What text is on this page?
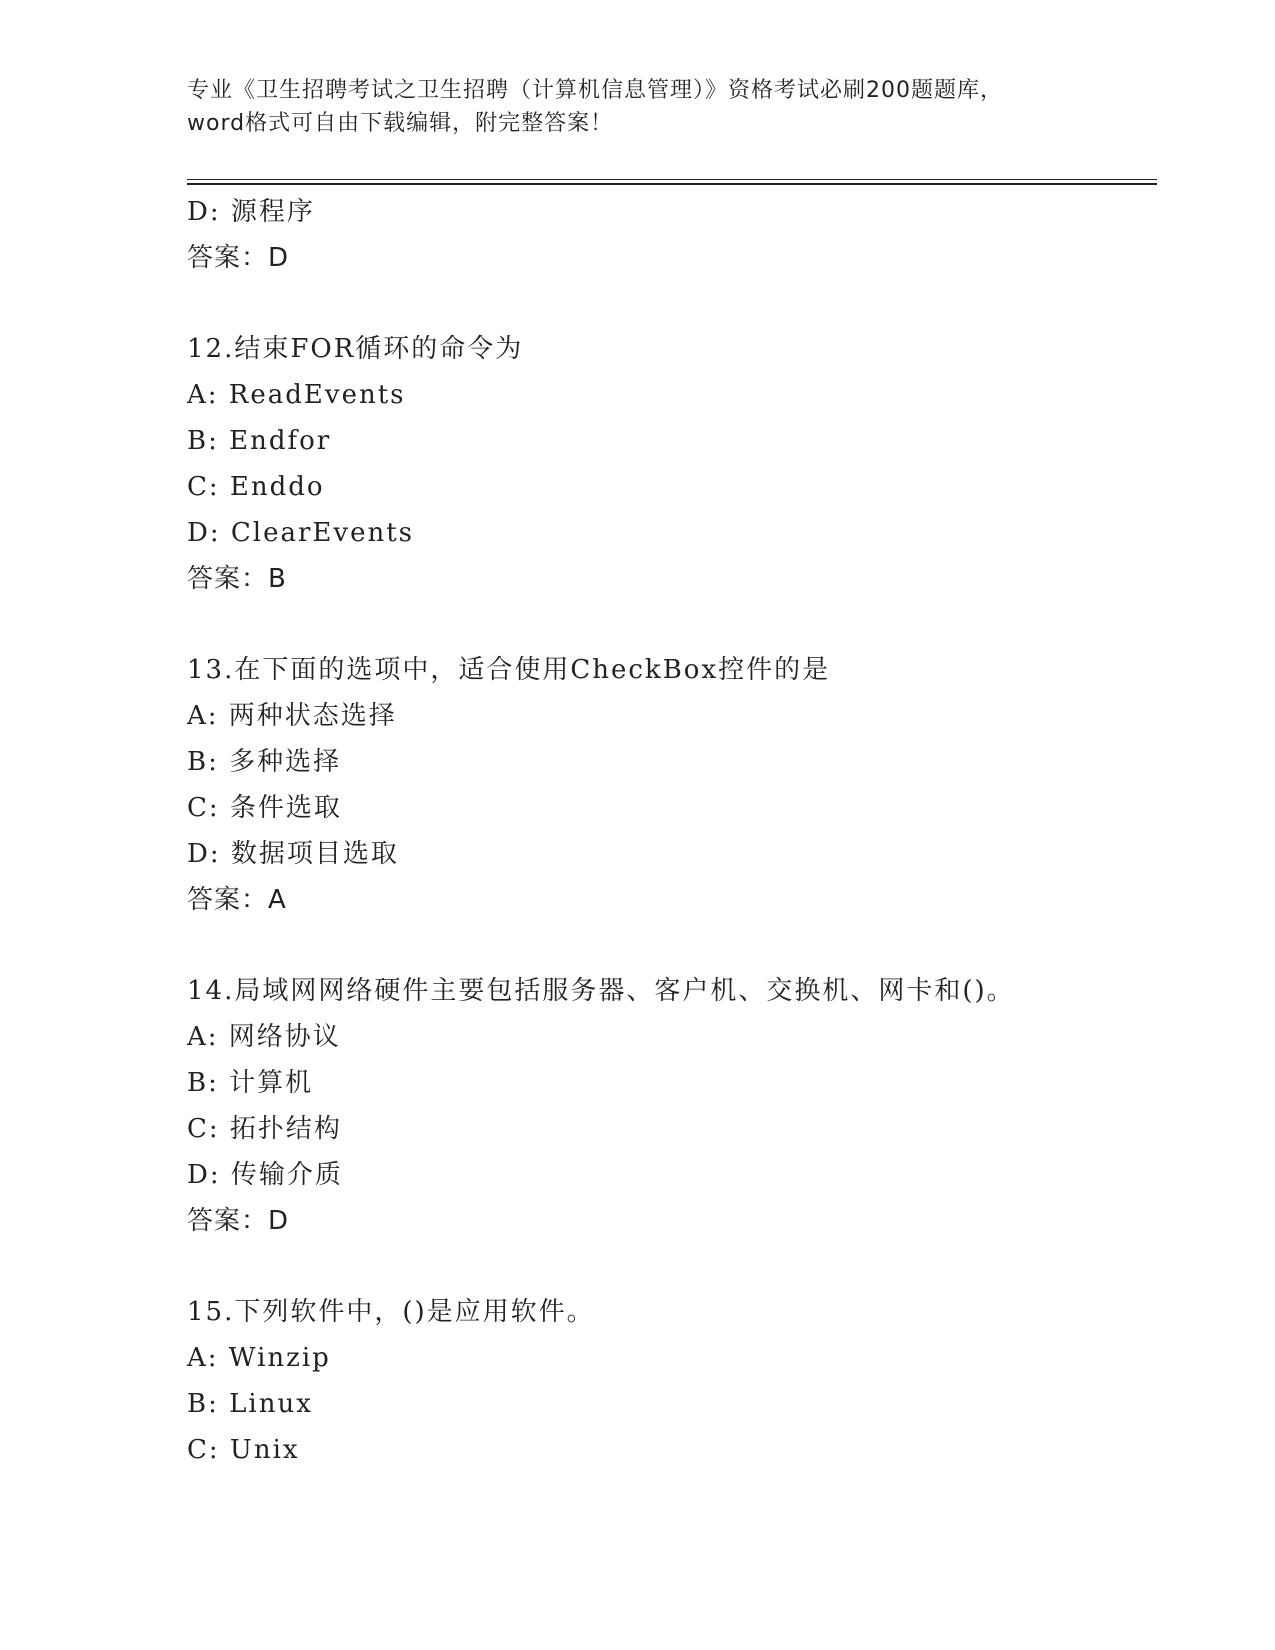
专业《卫生招聘考试之卫生招聘（计算机信息管理）》资格考试必刷200题题库，
word格式可自由下载编辑，附完整答案！
D: 源程序
答案：D
12.结束FOR循环的命令为
A: ReadEvents
B: Endfor
C: Enddo
D: ClearEvents
答案：B
13.在下面的选项中，适合使用CheckBox控件的是
A: 两种状态选择
B: 多种选择
C: 条件选取
D: 数据项目选取
答案：A
14.局域网网络硬件主要包括服务器、客户机、交换机、网卡和()。
A: 网络协议
B: 计算机
C: 拓扑结构
D: 传输介质
答案：D
15.下列软件中，()是应用软件。
A: Winzip
B: Linux
C: Unix
